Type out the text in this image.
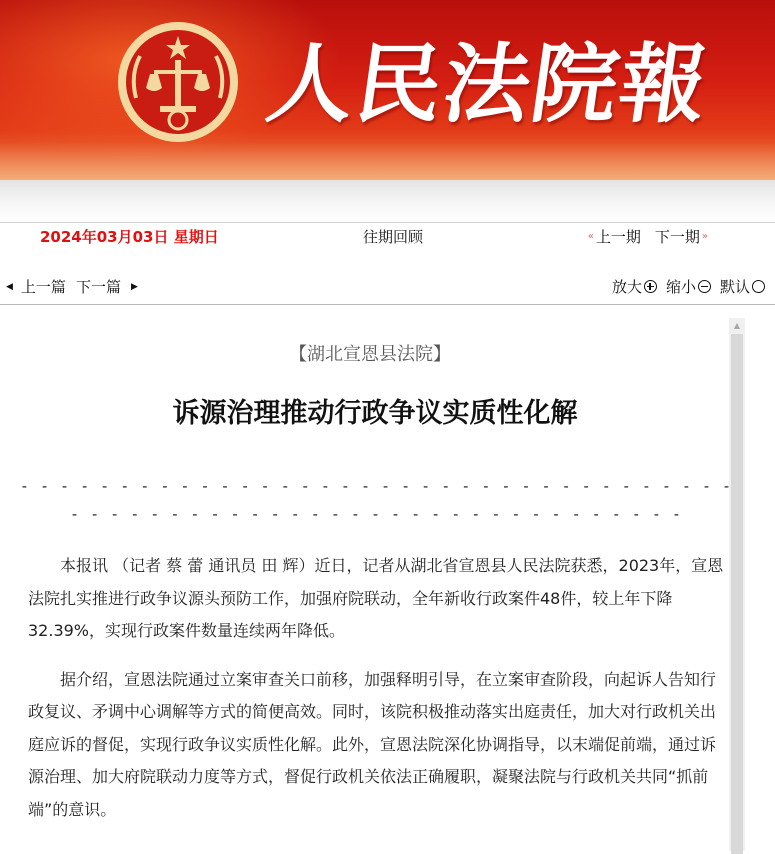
人民法院報
2024年03月03日 星期日	往期回顾	« 上一期 下一期 »
◀ 上一篇 下一篇 ▶	放大 缩小 默认
▲
【湖北宣恩县法院】
诉源治理推动行政争议实质性化解
- - - - - - - - - - - - - - - - - - - - - - - - - - - - - - - - - - - - - - - - - - - - - - - - - - - - - - - - - - - - - - - - - - -

本报讯 （记者 蔡 蕾 通讯员 田 辉）近日，记者从湖北省宣恩县人民法院获悉，2023年，宣恩法院扎实推进行政争议源头预防工作，加强府院联动，全年新收行政案件48件，较上年下降32.39%，实现行政案件数量连续两年降低。

据介绍，宣恩法院通过立案审查关口前移，加强释明引导，在立案审查阶段，向起诉人告知行政复议、矛调中心调解等方式的简便高效。同时，该院积极推动落实出庭责任，加大对行政机关出庭应诉的督促，实现行政争议实质性化解。此外，宣恩法院深化协调指导，以末端促前端，通过诉源治理、加大府院联动力度等方式，督促行政机关依法正确履职，凝聚法院与行政机关共同“抓前端”的意识。
